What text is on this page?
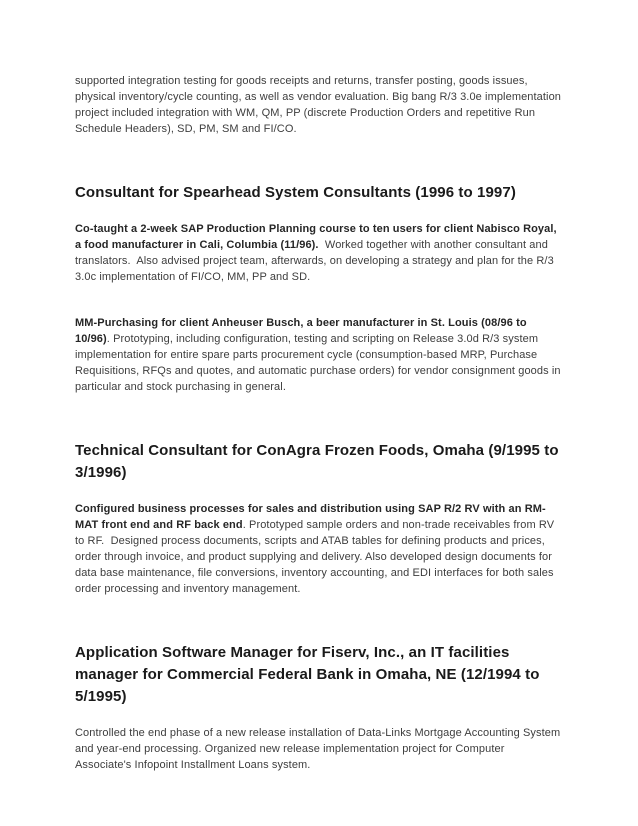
supported integration testing for goods receipts and returns, transfer posting, goods issues, physical inventory/cycle counting, as well as vendor evaluation. Big bang R/3 3.0e implementation project included integration with WM, QM, PP (discrete Production Orders and repetitive Run Schedule Headers), SD, PM, SM and FI/CO.

Consultant for Spearhead System Consultants (1996 to 1997)

Co-taught a 2-week SAP Production Planning course to ten users for client Nabisco Royal, a food manufacturer in Cali, Columbia (11/96).  Worked together with another consultant and translators.  Also advised project team, afterwards, on developing a strategy and plan for the R/3 3.0c implementation of FI/CO, MM, PP and SD.

MM-Purchasing for client Anheuser Busch, a beer manufacturer in St. Louis (08/96 to 10/96). Prototyping, including configuration, testing and scripting on Release 3.0d R/3 system implementation for entire spare parts procurement cycle (consumption-based MRP, Purchase Requisitions, RFQs and quotes, and automatic purchase orders) for vendor consignment goods in particular and stock purchasing in general.

Technical Consultant for ConAgra Frozen Foods, Omaha (9/1995 to 3/1996)

Configured business processes for sales and distribution using SAP R/2 RV with an RM-MAT front end and RF back end. Prototyped sample orders and non-trade receivables from RV to RF.  Designed process documents, scripts and ATAB tables for defining products and prices, order through invoice, and product supplying and delivery. Also developed design documents for data base maintenance, file conversions, inventory accounting, and EDI interfaces for both sales order processing and inventory management.

Application Software Manager for Fiserv, Inc., an IT facilities manager for Commercial Federal Bank in Omaha, NE (12/1994 to 5/1995)

Controlled the end phase of a new release installation of Data-Links Mortgage Accounting System and year-end processing. Organized new release implementation project for Computer Associate's Infopoint Installment Loans system.
